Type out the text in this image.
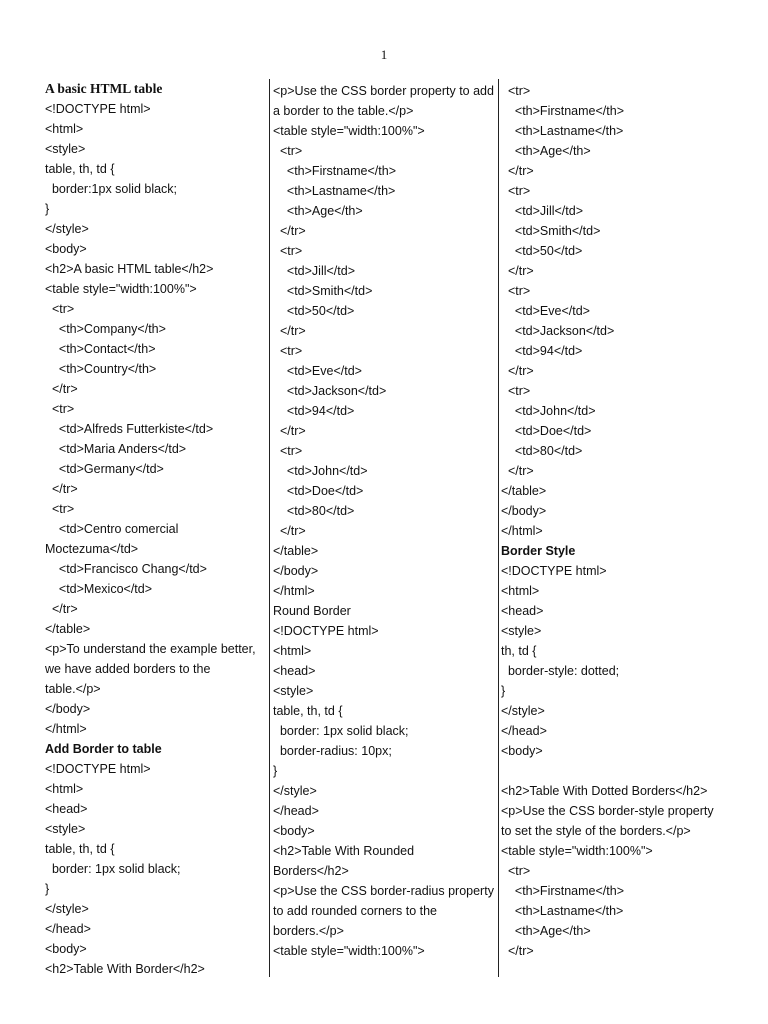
1
A basic HTML table
<!DOCTYPE html>
<html>
<style>
table, th, td {
border:1px solid black;
}
</style>
<body>
<h2>A basic HTML table</h2>
<table style="width:100%">
<tr>
<th>Company</th>
<th>Contact</th>
<th>Country</th>
</tr>
<tr>
<td>Alfreds Futterkiste</td>
<td>Maria Anders</td>
<td>Germany</td>
</tr>
<tr>
<td>Centro comercial
Moctezuma</td>
<td>Francisco Chang</td>
<td>Mexico</td>
</tr>
</table>
<p>To understand the example better,
we have added borders to the
table.</p>
</body>
</html>
Add Border to table
<!DOCTYPE html>
<html>
<head>
<style>
table, th, td {
border: 1px solid black;
}
</style>
</head>
<body>
<h2>Table With Border</h2>
<p>Use the CSS border property to add
a border to the table.</p>
<table style="width:100%">
<tr>
<th>Firstname</th>
<th>Lastname</th>
<th>Age</th>
</tr>
<tr>
<td>Jill</td>
<td>Smith</td>
<td>50</td>
</tr>
<tr>
<td>Eve</td>
<td>Jackson</td>
<td>94</td>
</tr>
<tr>
<td>John</td>
<td>Doe</td>
<td>80</td>
</tr>
</table>
</body>
</html>
Round Border
<!DOCTYPE html>
<html>
<head>
<style>
table, th, td {
border: 1px solid black;
border-radius: 10px;
}
</style>
</head>
<body>
<h2>Table With Rounded
Borders</h2>
<p>Use the CSS border-radius property
to add rounded corners to the
borders.</p>
<table style="width:100%">
<tr>
<th>Firstname</th>
<th>Lastname</th>
<th>Age</th>
</tr>
<tr>
<td>Jill</td>
<td>Smith</td>
<td>50</td>
</tr>
<tr>
<td>Eve</td>
<td>Jackson</td>
<td>94</td>
</tr>
<tr>
<td>John</td>
<td>Doe</td>
<td>80</td>
</tr>
</table>
</body>
</html>
Border Style
<!DOCTYPE html>
<html>
<head>
<style>
th, td {
border-style: dotted;
}
</style>
</head>
<body>
<h2>Table With Dotted Borders</h2>
<p>Use the CSS border-style property
to set the style of the borders.</p>
<table style="width:100%">
<tr>
<th>Firstname</th>
<th>Lastname</th>
<th>Age</th>
</tr>
